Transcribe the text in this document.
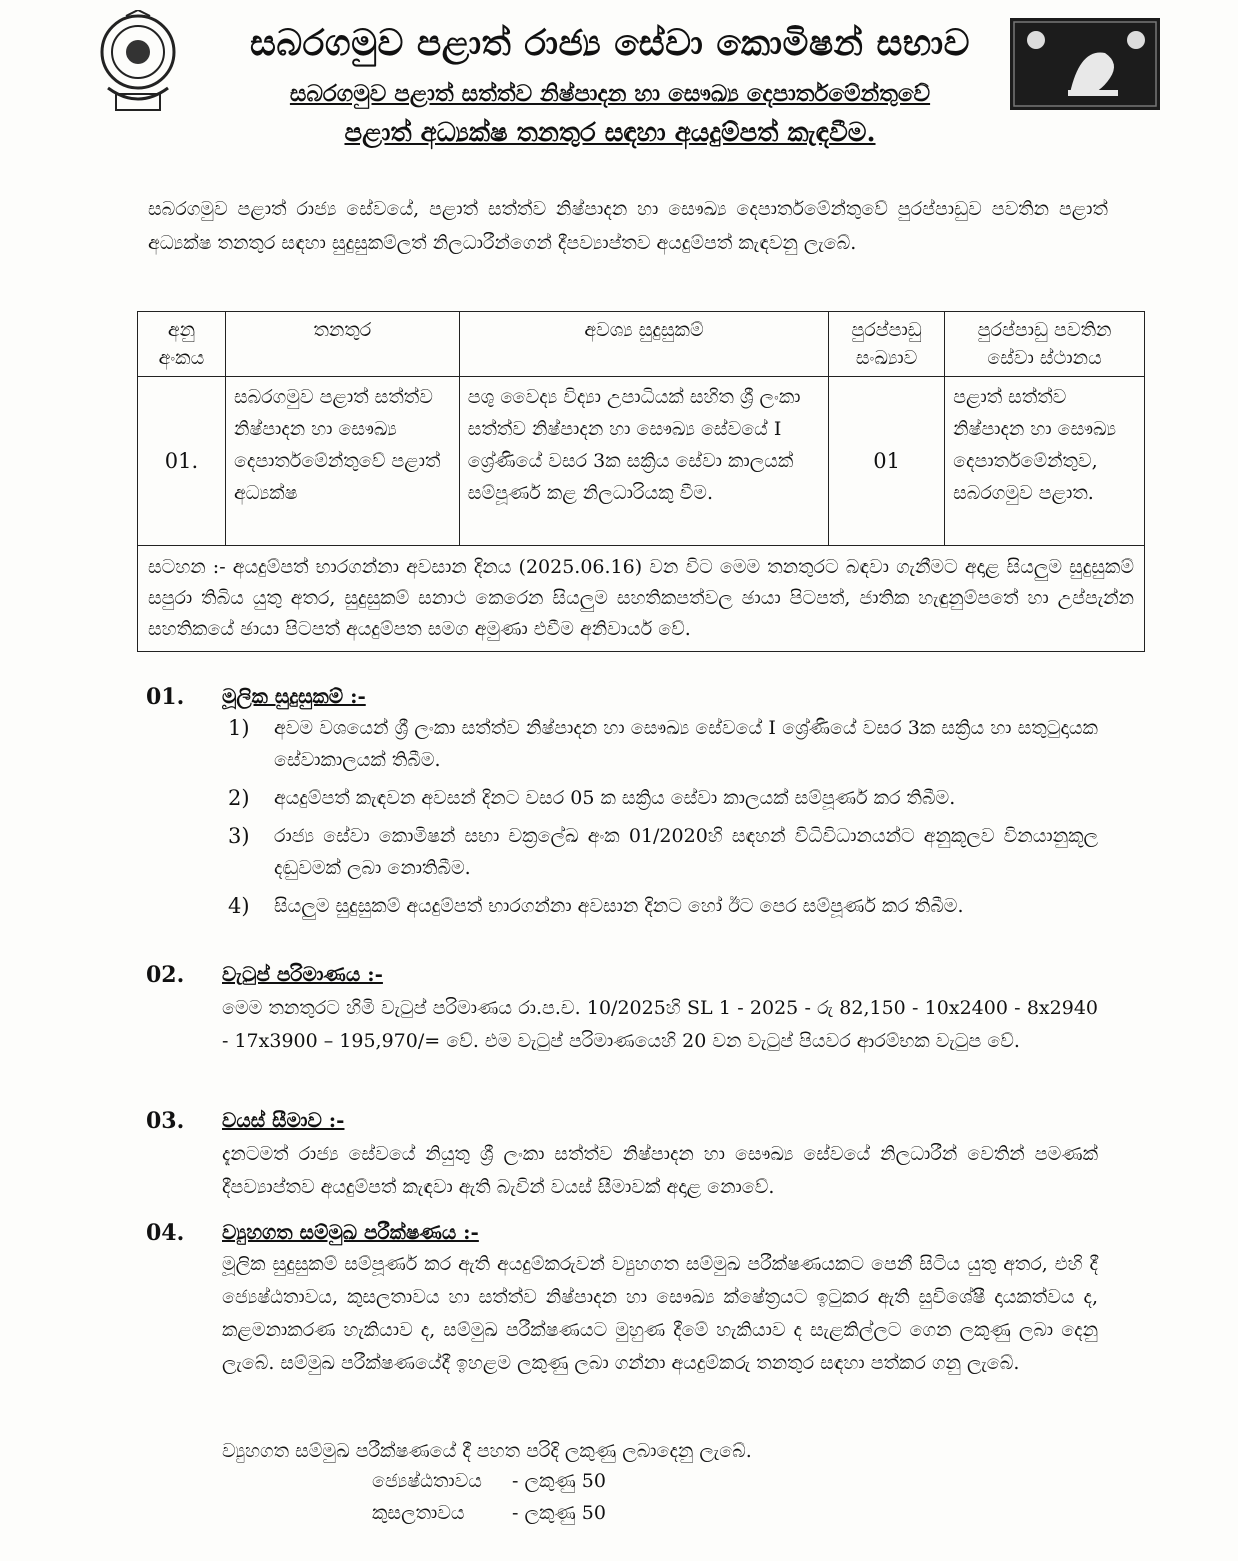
සබරගමුව පළාත් රාජ්‍ය සේවා කොමිෂන් සභාව
සබරගමුව පළාත් සත්ත්ව නිෂ්පාදන හා සෞඛ්‍ය දෙපාර්තමේන්තුවේ
පළාත් අධ්‍යක්ෂ තනතුර සඳහා අයදුම්පත් කැඳවීම.
සබරගමුව පළාත් රාජ්‍ය සේවයේ, පළාත් සත්ත්ව නිෂ්පාදන හා සෞඛ්‍ය දෙපාර්තමේන්තුවේ පුරප්පාඩුව පවතින පළාත් අධ්‍යක්ෂ තනතුර සඳහා සුදුසුකම්ලත් නිලධාරීන්ගෙන් දීපව්‍යාප්තව අයදුම්පත් කැඳවනු ලැබේ.
අනු අංකය	තනතුර	අවශ්‍ය සුදුසුකම්	පුරප්පාඩු සංඛ්‍යාව	පුරප්පාඩු පවතින සේවා ස්ථානය
01.	සබරගමුව පළාත් සත්ත්ව නිෂ්පාදන හා සෞඛ්‍ය දෙපාර්තමේන්තුවේ පළාත් අධ්‍යක්ෂ	පශු වෛද්‍ය විද්‍යා උපාධියක් සහිත ශ්‍රී ලංකා සත්ත්ව නිෂ්පාදන හා සෞඛ්‍ය සේවයේ I ශ්‍රේණියේ වසර 3ක සක්‍රිය සේවා කාලයක් සම්පූර්ණ කළ නිලධාරියකු වීම.	01	පළාත් සත්ත්ව නිෂ්පාදන හා සෞඛ්‍ය දෙපාර්තමේන්තුව, සබරගමුව පළාත.
සටහන :- අයදුම්පත් භාරගන්නා අවසාන දිනය (2025.06.16) වන විට මෙම තනතුරට බඳවා ගැනීමට අදාළ සියලුම සුදුසුකම් සපුරා තිබිය යුතු අතර, සුදුසුකම් සනාථ කෙරෙන සියලුම සහතිකපත්වල ඡායා පිටපත්, ජාතික හැඳුනුම්පතේ හා උප්පැන්න සහතිකයේ ඡායා පිටපත් අයදුම්පත සමග අමුණා එවීම අනිවාර්ය වේ.				
01. මූලික සුදුසුකම් :-
1) අවම වශයෙන් ශ්‍රී ලංකා සත්ත්ව නිෂ්පාදන හා සෞඛ්‍ය සේවයේ I ශ්‍රේණියේ වසර 3ක සක්‍රිය හා සතුටුදායක සේවාකාලයක් තිබීම.
2) අයදුම්පත් කැඳවන අවසන් දිනට වසර 05 ක සක්‍රිය සේවා කාලයක් සම්පූර්ණ කර තිබීම.
3) රාජ්‍ය සේවා කොමිෂන් සභා චක්‍රලේඛ අංක 01/2020හි සඳහන් විධිවිධානයන්ට අනුකූලව විනයානුකූල දඬුවමක් ලබා නොතිබීම.
4) සියලුම සුදුසුකම් අයදුම්පත් භාරගන්නා අවසාන දිනට හෝ ඊට පෙර සම්පූර්ණ කර තිබීම.
02. වැටුප් පරිමාණය :-
මෙම තනතුරට හිමි වැටුප් පරිමාණය රා.ප.ච. 10/2025හි SL 1 - 2025 - රු 82,150 - 10x2400 - 8x2940 - 17x3900 – 195,970/= වේ. එම වැටුප් පරිමාණයෙහි 20 වන වැටුප් පියවර ආරම්භක වැටුප වේ.
03. වයස් සීමාව :-
දැනටමත් රාජ්‍ය සේවයේ නියුතු ශ්‍රී ලංකා සත්ත්ව නිෂ්පාදන හා සෞඛ්‍ය සේවයේ නිලධාරීන් වෙතින් පමණක් දීපව්‍යාප්තව අයදුම්පත් කැඳවා ඇති බැවින් වයස් සීමාවක් අදාළ නොවේ.
04. ව්‍යුහගත සම්මුඛ පරීක්ෂණය :-
මූලික සුදුසුකම් සම්පූර්ණ කර ඇති අයදුම්කරුවන් ව්‍යුහගත සම්මුඛ පරීක්ෂණයකට පෙනී සිටිය යුතු අතර, එහි දී ජ්‍යෙෂ්ඨතාවය, කුසලතාවය හා සත්ත්ව නිෂ්පාදන හා සෞඛ්‍ය ක්ෂේත්‍රයට ඉටුකර ඇති සුවිශේෂී දායකත්වය ද, කළමනාකරණ හැකියාව ද, සම්මුඛ පරීක්ෂණයට මුහුණ දීමේ හැකියාව ද සැළකිල්ලට ගෙන ලකුණු ලබා දෙනු ලැබේ. සම්මුඛ පරීක්ෂණයේදී ඉහළම ලකුණු ලබා ගන්නා අයදුම්කරු තනතුර සඳහා පත්කර ගනු ලැබේ.
ව්‍යුහගත සම්මුඛ පරීක්ෂණයේ දී පහත පරිදි ලකුණු ලබාදෙනු ලැබේ.
ජ්‍යෙෂ්ඨතාවය - ලකුණු 50
කුසලතාවය - ලකුණු 50
